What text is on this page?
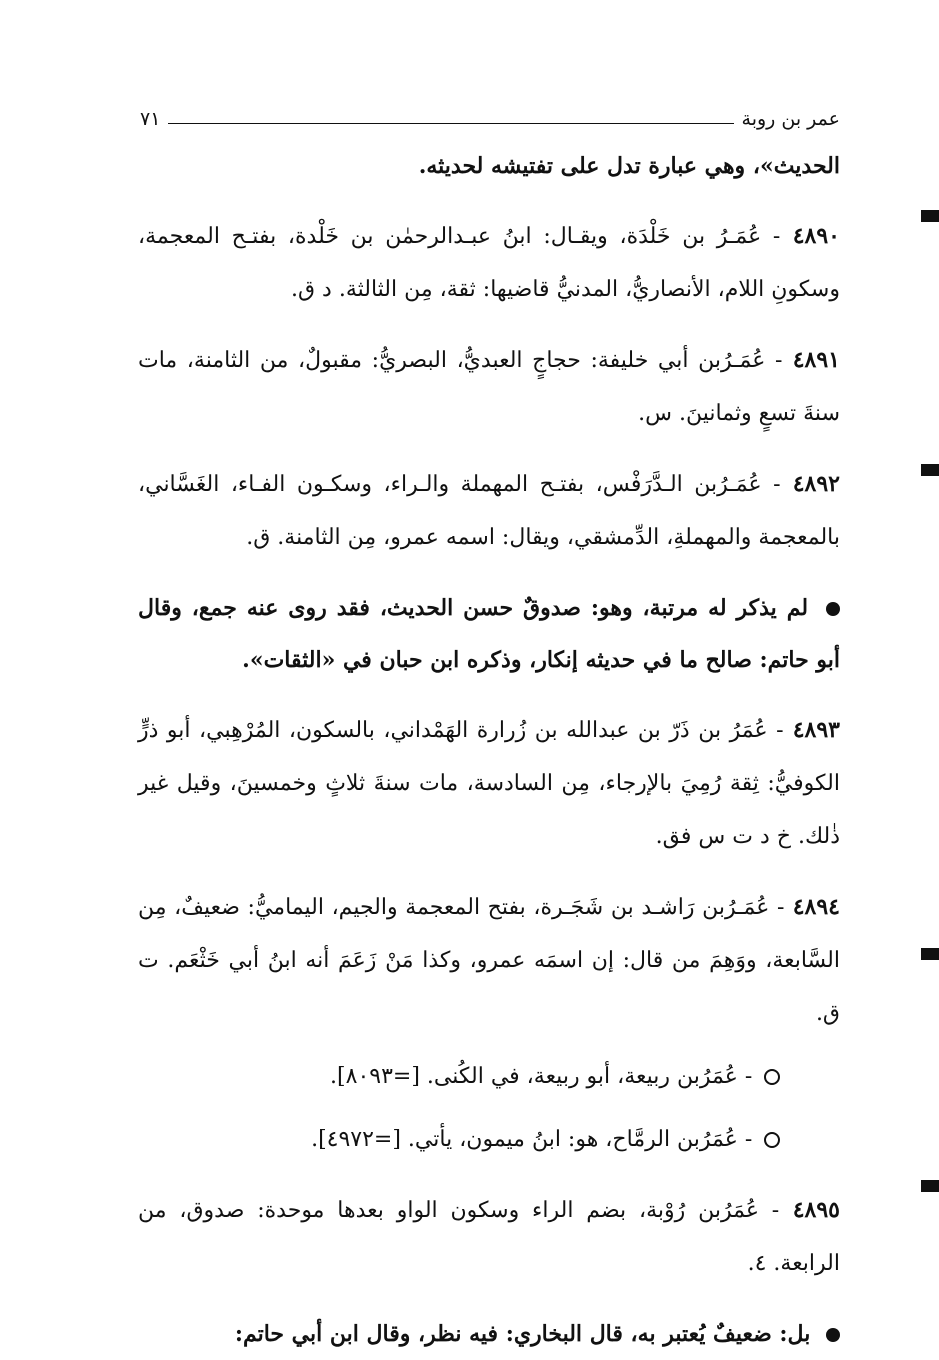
عمر بن روبة
٧١

الحديث»، وهي عبارة تدل على تفتيشه لحديثه.

٤٨٩٠ - عُمَـرُ بن خَلْدَة، ويقـال: ابنُ عبـدالرحمٰن بن خَلْدة، بفتـح المعجمة، وسكونِ اللام، الأنصاريُّ، المدنيُّ قاضيها: ثقة، مِن الثالثة. د ق.

٤٨٩١ - عُمَـرُبن أبي خليفة: حجاجٍ العبديُّ، البصريُّ: مقبولٌ، من الثامنة، مات سنةَ تسعٍ وثمانينَ. س.

٤٨٩٢ - عُمَـرُبن الـدَّرَفْس، بفتـح المهملة والـراء، وسكـون الفـاء، الغَسَّاني، بالمعجمة والمهملةِ، الدِّمشقي، ويقال: اسمه عمرو، مِن الثامنة. ق.

لم يذكر له مرتبة، وهو: صدوقٌ حسن الحديث، فقد روى عنه جمع، وقال أبو حاتم: صالح ما في حديثه إنكار، وذكره ابن حبان في «الثقات».

٤٨٩٣ - عُمَرُ بن ذَرّ بن عبدالله بن زُرارة الهَمْداني، بالسكون، المُرْهِبي، أبو ذرٍّ الكوفيُّ: ثِقة رُمِيَ بالإرجاء، مِن السادسة، مات سنةَ ثلاثٍ وخمسينَ، وقيل غير ذٰلك. خ د ت س فق.

٤٨٩٤ - عُمَـرُبن رَاشـد بن شَجَـرة، بفتح المعجمة والجيم، اليماميُّ: ضعيفٌ، مِن السَّابعة، ووَهِمَ من قال: إن اسمَه عمرو، وكذا مَنْ زَعَمَ أنه ابنُ أبي خَثْعَم. ت ق.

- عُمَرُبن ربيعة، أبو ربيعة، في الكُنى. [=٨٠٩٣].

- عُمَرُبن الرمَّاح، هو: ابنُ ميمون، يأتي. [=٤٩٧٢].

٤٨٩٥ - عُمَرُبن رُوْبة، بضم الراء وسكون الواو بعدها موحدة: صدوق، من الرابعة. ٤.

بل: ضعيفٌ يُعتبر به، قال البخاري: فيه نظر، وقال ابن أبي حاتم:
